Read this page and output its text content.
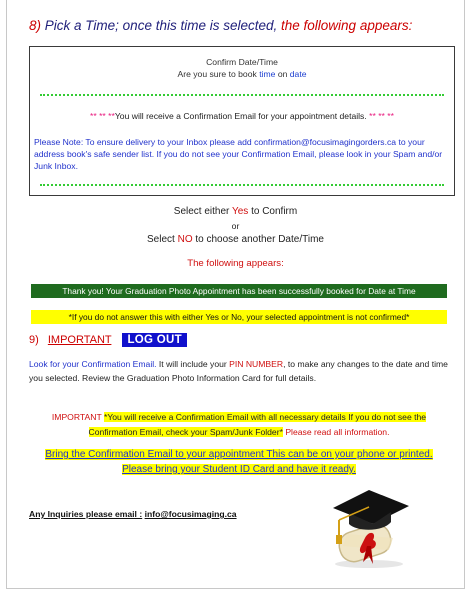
8) Pick a Time; once this time is selected, the following appears:
Confirm Date/Time
Are you sure to book time on date
** ** **You will receive a Confirmation Email for your appointment details. ** ** **
Please Note: To ensure delivery to your Inbox please add confirmation@focusimagingorders.ca to your address book's safe sender list. If you do not see your Confirmation Email, please look in your Spam and/or Junk Inbox.
Select either Yes to Confirm
or
Select NO to choose another Date/Time
The following appears:
Thank you! Your Graduation Photo Appointment has been successfully booked for Date at Time
*If you do not answer this with either Yes or No, your selected appointment is not confirmed*
9) IMPORTANT LOG OUT
Look for your Confirmation Email. It will include your PIN NUMBER, to make any changes to the date and time you selected. Review the Graduation Photo Information Card for full details.
IMPORTANT *You will receive a Confirmation Email with all necessary details If you do not see the Confirmation Email, check your Spam/Junk Folder* Please read all information.
Bring the Confirmation Email to your appointment This can be on your phone or printed. Please bring your Student ID Card and have it ready.
Any Inquiries please email : info@focusimaging.ca
